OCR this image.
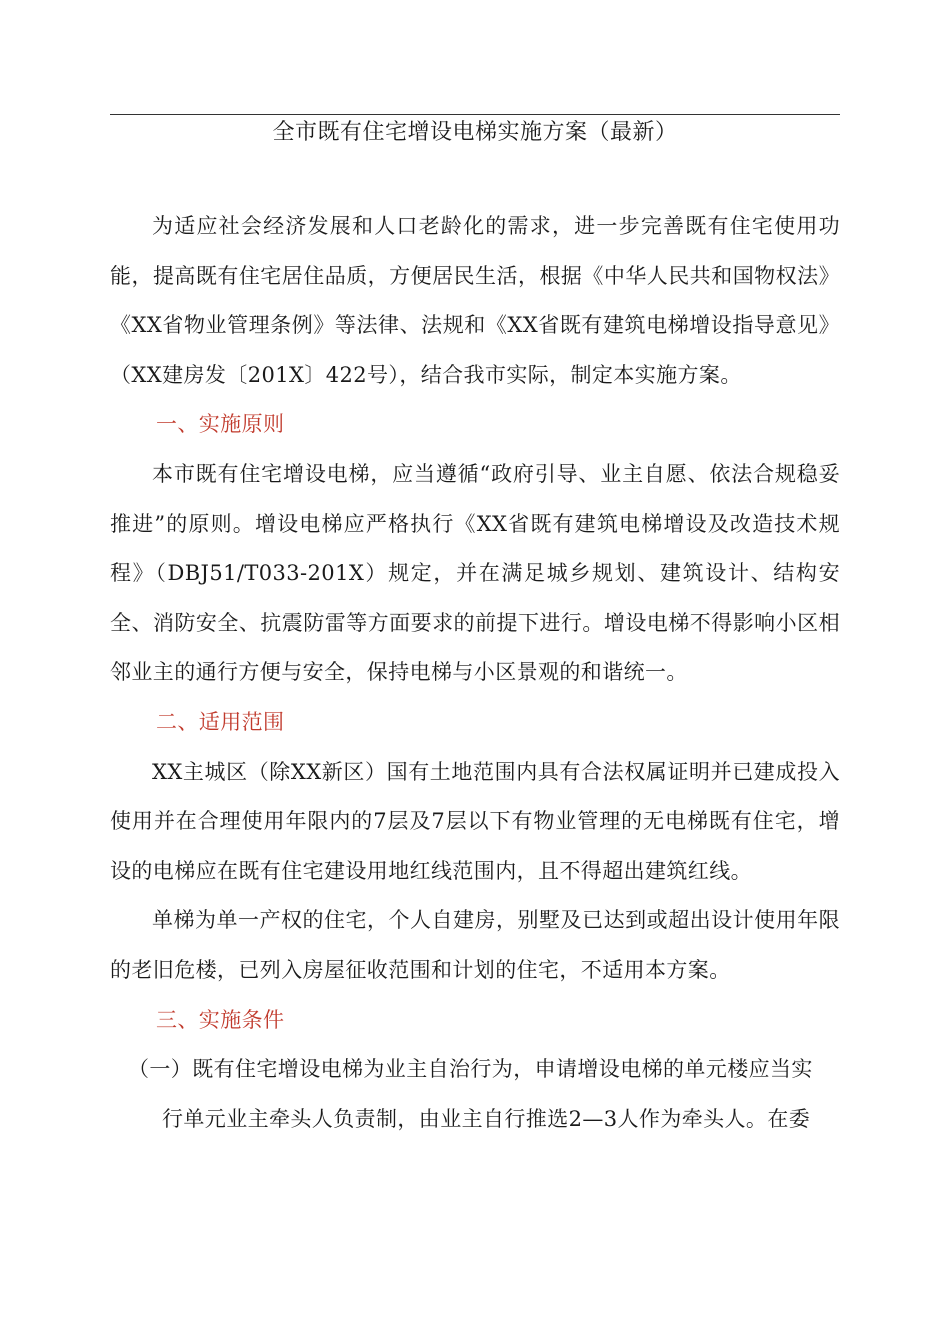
全市既有住宅增设电梯实施方案（最新）

为适应社会经济发展和人口老龄化的需求，进一步完善既有住宅使用功能，提高既有住宅居住品质，方便居民生活，根据《中华人民共和国物权法》《XX省物业管理条例》等法律、法规和《XX省既有建筑电梯增设指导意见》（XX建房发〔201X〕422号），结合我市实际，制定本实施方案。

一、实施原则

本市既有住宅增设电梯，应当遵循“政府引导、业主自愿、依法合规稳妥推进”的原则。增设电梯应严格执行《XX省既有建筑电梯增设及改造技术规程》（DBJ51/T033-201X）规定，并在满足城乡规划、建筑设计、结构安全、消防安全、抗震防雷等方面要求的前提下进行。增设电梯不得影响小区相邻业主的通行方便与安全，保持电梯与小区景观的和谐统一。

二、适用范围

XX主城区（除XX新区）国有土地范围内具有合法权属证明并已建成投入使用并在合理使用年限内的7层及7层以下有物业管理的无电梯既有住宅，增设的电梯应在既有住宅建设用地红线范围内，且不得超出建筑红线。

单梯为单一产权的住宅，个人自建房，别墅及已达到或超出设计使用年限的老旧危楼，已列入房屋征收范围和计划的住宅，不适用本方案。

三、实施条件

（一）既有住宅增设电梯为业主自治行为，申请增设电梯的单元楼应当实
行单元业主牵头人负责制，由业主自行推选2—3人作为牵头人。在委
